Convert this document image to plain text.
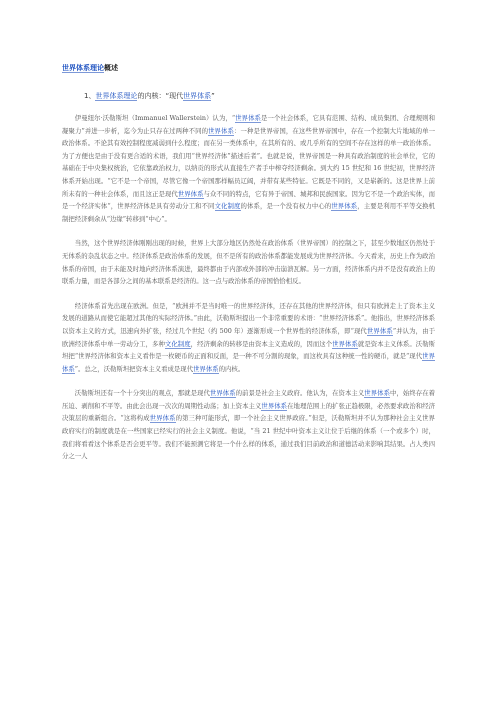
世界体系理论概述
1、世界体系理论的内核：“现代世界体系”

伊曼纽尔·沃勒斯坦（Immanuel Wallerstein）认为，“世界体系是一个社会体系，它具有范围、结构、成员集团、合理规则和凝聚力”并进一步析，迄今为止只存在过两种不同的世界体系：一种是世界帝国，在这些世界帝国中，存在一个控制大片地域的单一政治体系。不论其有效控制程度减弱到什么程度；而在另一类体系中，在其所有的、或几乎所有的空间不存在这样的单一政治体系。为了方便也是由于没有更合适的术语，我们用“世界经济体”描述后者”。也就是说，世界帝国是一种具有政治制度的社会单位，它的基础在于中央集权统治，它依靠政治权力，以纳贡的形式从直接生产者手中榨夺经济剩余。到大约 15 世纪和 16 世纪初，世界经济体系开始出现。“它不是一个帝国，尽管它像一个帝国那样幅员辽阔，并带有某些特征。它既是不同的，又是崭新的。这是世界上前所未有的一种社会体系，而且这正是现代世界体系与众不同的特点，它有异于帝国、城邦和民族国家。因为它不是一个政治实体，而是一个经济实体“，世界经济体是具有劳动分工和不同文化制度的体系，是一个没有权力中心的世界体系，主要是利用不平等交换机制把经济剩余从“边缘”转移到“中心”。

当然，这个世界经济体刚刚出现的时候，世界上大部分地区仍然处在政治体系（世界帝国）的控制之下，甚至少数地区仍然处于无体系的杂乱状态之中。经济体系是政治体系的发展，但不是所有的政治体系都能发展成为世界经济体。今天看来，历史上作为政治体系的帝国，由于未能及时地向经济体系演进，最终都由于内部或外部的冲击崩溃瓦解。另一方面，经济体系内并不是没有政治上的联系力量，而是各部分之间的基本联系是经济的。这一点与政治体系的帝国恰恰相反。

经济体系首先出现在欧洲。但是，“欧洲并不是当时唯一的世界经济体，还存在其他的世界经济体，但只有欧洲走上了资本主义发展的道路从而使它能超过其他的实际经济体。”由此，沃勒斯坦提出一个非常重要的术语：“世界经济体系”。他指出，世界经济体系以资本主义的方式，迅速向外扩张，经过几个世纪（约 500 年）逐渐形成一个世界性的经济体系，即“现代世界体系”并认为，由于欧洲经济体系中单一劳动分工，多种文化制度，经济剩余的转移是由资本主义造成的，因而这个世界体系就是资本主义体系。沃勒斯坦把“世界经济体和资本主义看作是一枚硬币的正面和反面，是一种不可分割的现象，而这枚具有这种统一性的硬币，就是“现代世界体系”。总之，沃勒斯坦把资本主义看成是现代世界体系的内核。

沃勒斯坦还有一个十分突出的观点，那就是现代世界体系的前景是社会主义政府。他认为，在资本主义世界体系中，始终存在着压迫、剥削和不平等。由此会出现一次次的周期性动荡；加上资本主义世界体系在地理范围上的扩张正趋极限，必然要求政治和经济决策层的重新组合。“这将构成世界体系的第三种可能形式，即一个社会主义世界政府。”但是，沃勒斯坦并不认为那种社会主义世界政府实行的制度就是在一些国家已经实行的社会主义制度。他说，“当 21 世纪中叶资本主义让位于后继的体系（一个或多个）时，我们将看看这个体系是否会更平等。我们不能预测它将是一个什么样的体系，通过我们目前政治和道德活动来影响其结果。占人类四分之一人
